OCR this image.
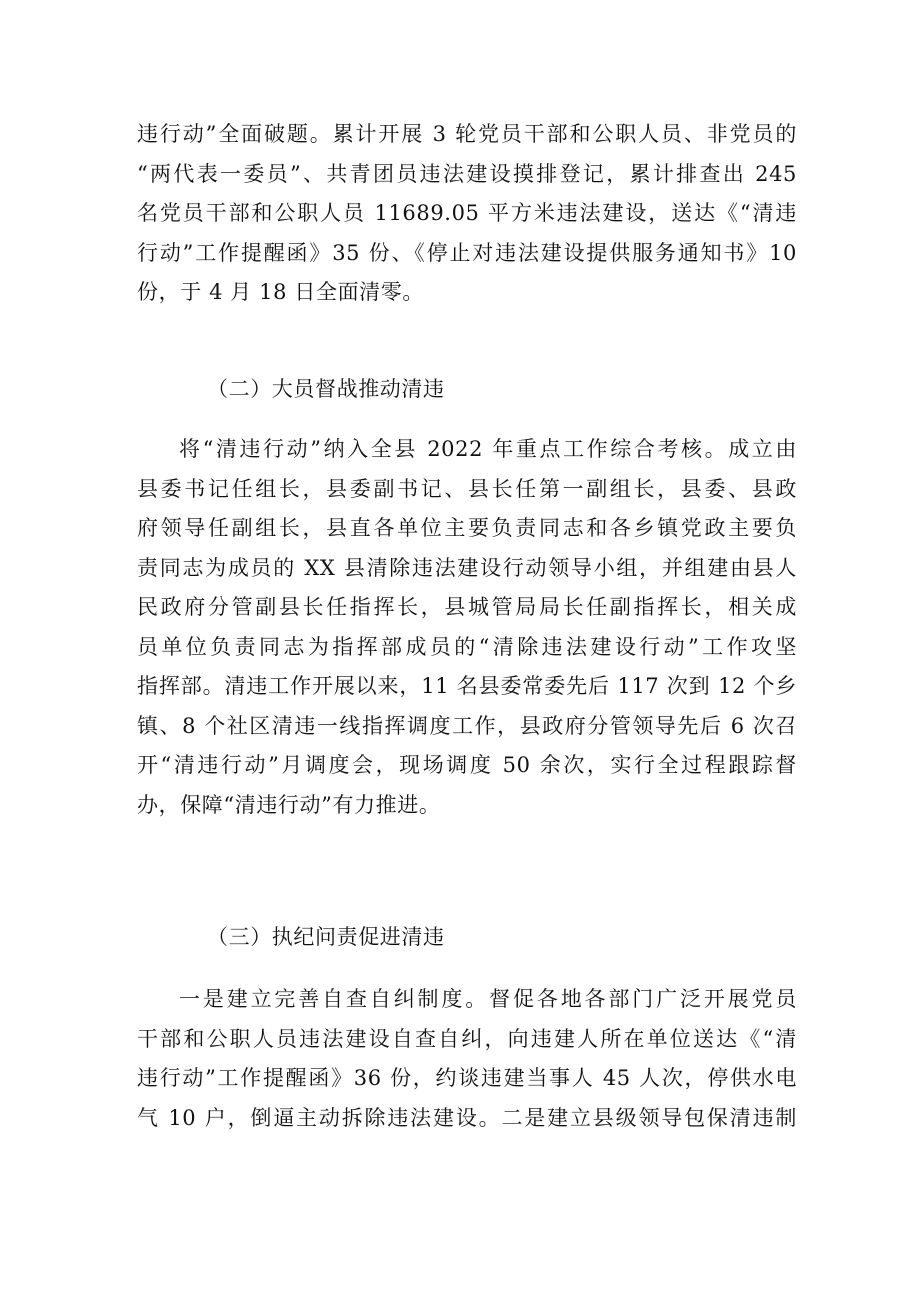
违行动”全面破题。累计开展 3 轮党员干部和公职人员、非党员的
“两代表一委员”、共青团员违法建设摸排登记，累计排查出 245
名党员干部和公职人员 11689.05 平方米违法建设，送达《“清违
行动”工作提醒函》35 份、《停止对违法建设提供服务通知书》10
份，于 4 月 18 日全面清零。
（二）大员督战推动清违
将“清违行动”纳入全县 2022 年重点工作综合考核。成立由
县委书记任组长，县委副书记、县长任第一副组长，县委、县政
府领导任副组长，县直各单位主要负责同志和各乡镇党政主要负
责同志为成员的 XX 县清除违法建设行动领导小组，并组建由县人
民政府分管副县长任指挥长，县城管局局长任副指挥长，相关成
员单位负责同志为指挥部成员的“清除违法建设行动”工作攻坚
指挥部。清违工作开展以来，11 名县委常委先后 117 次到 12 个乡
镇、8 个社区清违一线指挥调度工作，县政府分管领导先后 6 次召
开“清违行动”月调度会，现场调度 50 余次，实行全过程跟踪督
办，保障“清违行动”有力推进。
（三）执纪问责促进清违
一是建立完善自查自纠制度。督促各地各部门广泛开展党员
干部和公职人员违法建设自查自纠，向违建人所在单位送达《“清
违行动”工作提醒函》36 份，约谈违建当事人 45 人次，停供水电
气 10 户，倒逼主动拆除违法建设。二是建立县级领导包保清违制
